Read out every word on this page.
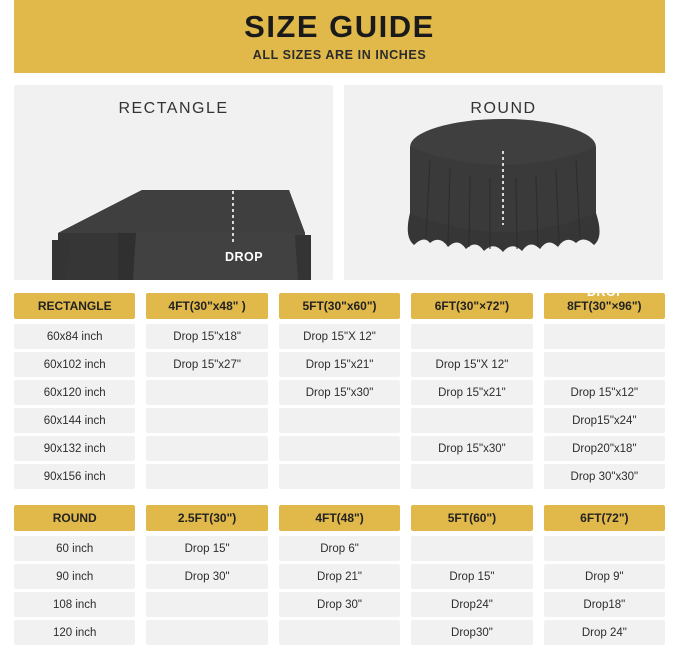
SIZE GUIDE
ALL SIZES ARE IN INCHES
RECTANGLE
DROP
ROUND
DROP
RECTANGLE
60x84 inch
60x102 inch
60x120 inch
60x144 inch
90x132 inch
90x156 inch
4FT(30"x48" )
Drop 15"x18"
Drop 15"x27"
5FT(30"x60")
Drop 15"X 12"
Drop 15"x21"
Drop 15"x30"
6FT(30"×72")
Drop 15"X 12"
Drop 15"x21"
Drop 15"x30"
8FT(30"×96")
Drop 15"x12"
Drop15"x24"
Drop20"x18"
Drop 30"x30"
ROUND
60 inch
90 inch
108 inch
120 inch
2.5FT(30")
Drop 15"
Drop 30"
4FT(48")
Drop 6"
Drop 21"
Drop 30"
5FT(60")
Drop 15"
Drop24"
Drop30"
6FT(72")
Drop 9"
Drop18"
Drop 24"
